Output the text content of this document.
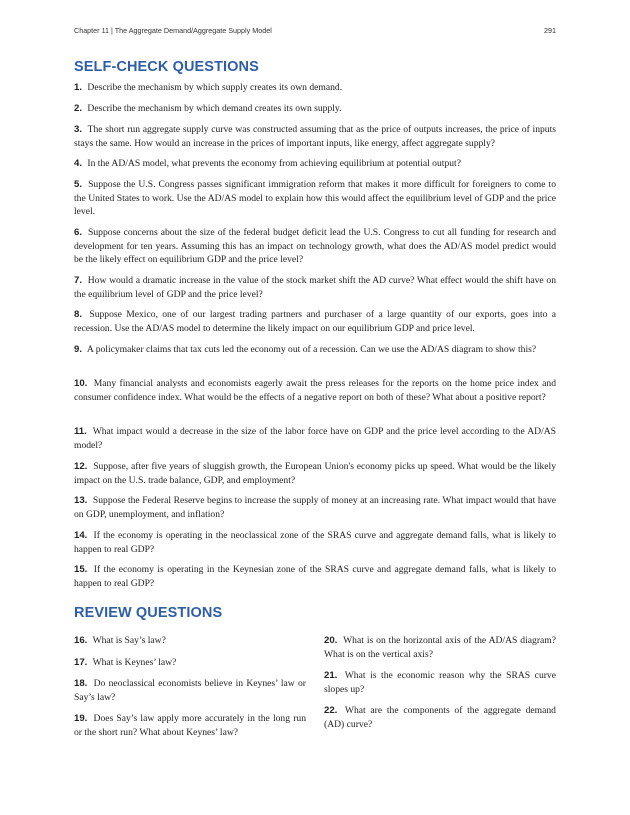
Chapter 11 | The Aggregate Demand/Aggregate Supply Model	291
SELF-CHECK QUESTIONS
1. Describe the mechanism by which supply creates its own demand.
2. Describe the mechanism by which demand creates its own supply.
3. The short run aggregate supply curve was constructed assuming that as the price of outputs increases, the price of inputs stays the same. How would an increase in the prices of important inputs, like energy, affect aggregate supply?
4. In the AD/AS model, what prevents the economy from achieving equilibrium at potential output?
5. Suppose the U.S. Congress passes significant immigration reform that makes it more difficult for foreigners to come to the United States to work. Use the AD/AS model to explain how this would affect the equilibrium level of GDP and the price level.
6. Suppose concerns about the size of the federal budget deficit lead the U.S. Congress to cut all funding for research and development for ten years. Assuming this has an impact on technology growth, what does the AD/AS model predict would be the likely effect on equilibrium GDP and the price level?
7. How would a dramatic increase in the value of the stock market shift the AD curve? What effect would the shift have on the equilibrium level of GDP and the price level?
8. Suppose Mexico, one of our largest trading partners and purchaser of a large quantity of our exports, goes into a recession. Use the AD/AS model to determine the likely impact on our equilibrium GDP and price level.
9. A policymaker claims that tax cuts led the economy out of a recession. Can we use the AD/AS diagram to show this?
10. Many financial analysts and economists eagerly await the press releases for the reports on the home price index and consumer confidence index. What would be the effects of a negative report on both of these? What about a positive report?
11. What impact would a decrease in the size of the labor force have on GDP and the price level according to the AD/AS model?
12. Suppose, after five years of sluggish growth, the European Union's economy picks up speed. What would be the likely impact on the U.S. trade balance, GDP, and employment?
13. Suppose the Federal Reserve begins to increase the supply of money at an increasing rate. What impact would that have on GDP, unemployment, and inflation?
14. If the economy is operating in the neoclassical zone of the SRAS curve and aggregate demand falls, what is likely to happen to real GDP?
15. If the economy is operating in the Keynesian zone of the SRAS curve and aggregate demand falls, what is likely to happen to real GDP?
REVIEW QUESTIONS
16. What is Say’s law?
17. What is Keynes’ law?
18. Do neoclassical economists believe in Keynes’ law or Say’s law?
19. Does Say’s law apply more accurately in the long run or the short run? What about Keynes’ law?
20. What is on the horizontal axis of the AD/AS diagram? What is on the vertical axis?
21. What is the economic reason why the SRAS curve slopes up?
22. What are the components of the aggregate demand (AD) curve?
